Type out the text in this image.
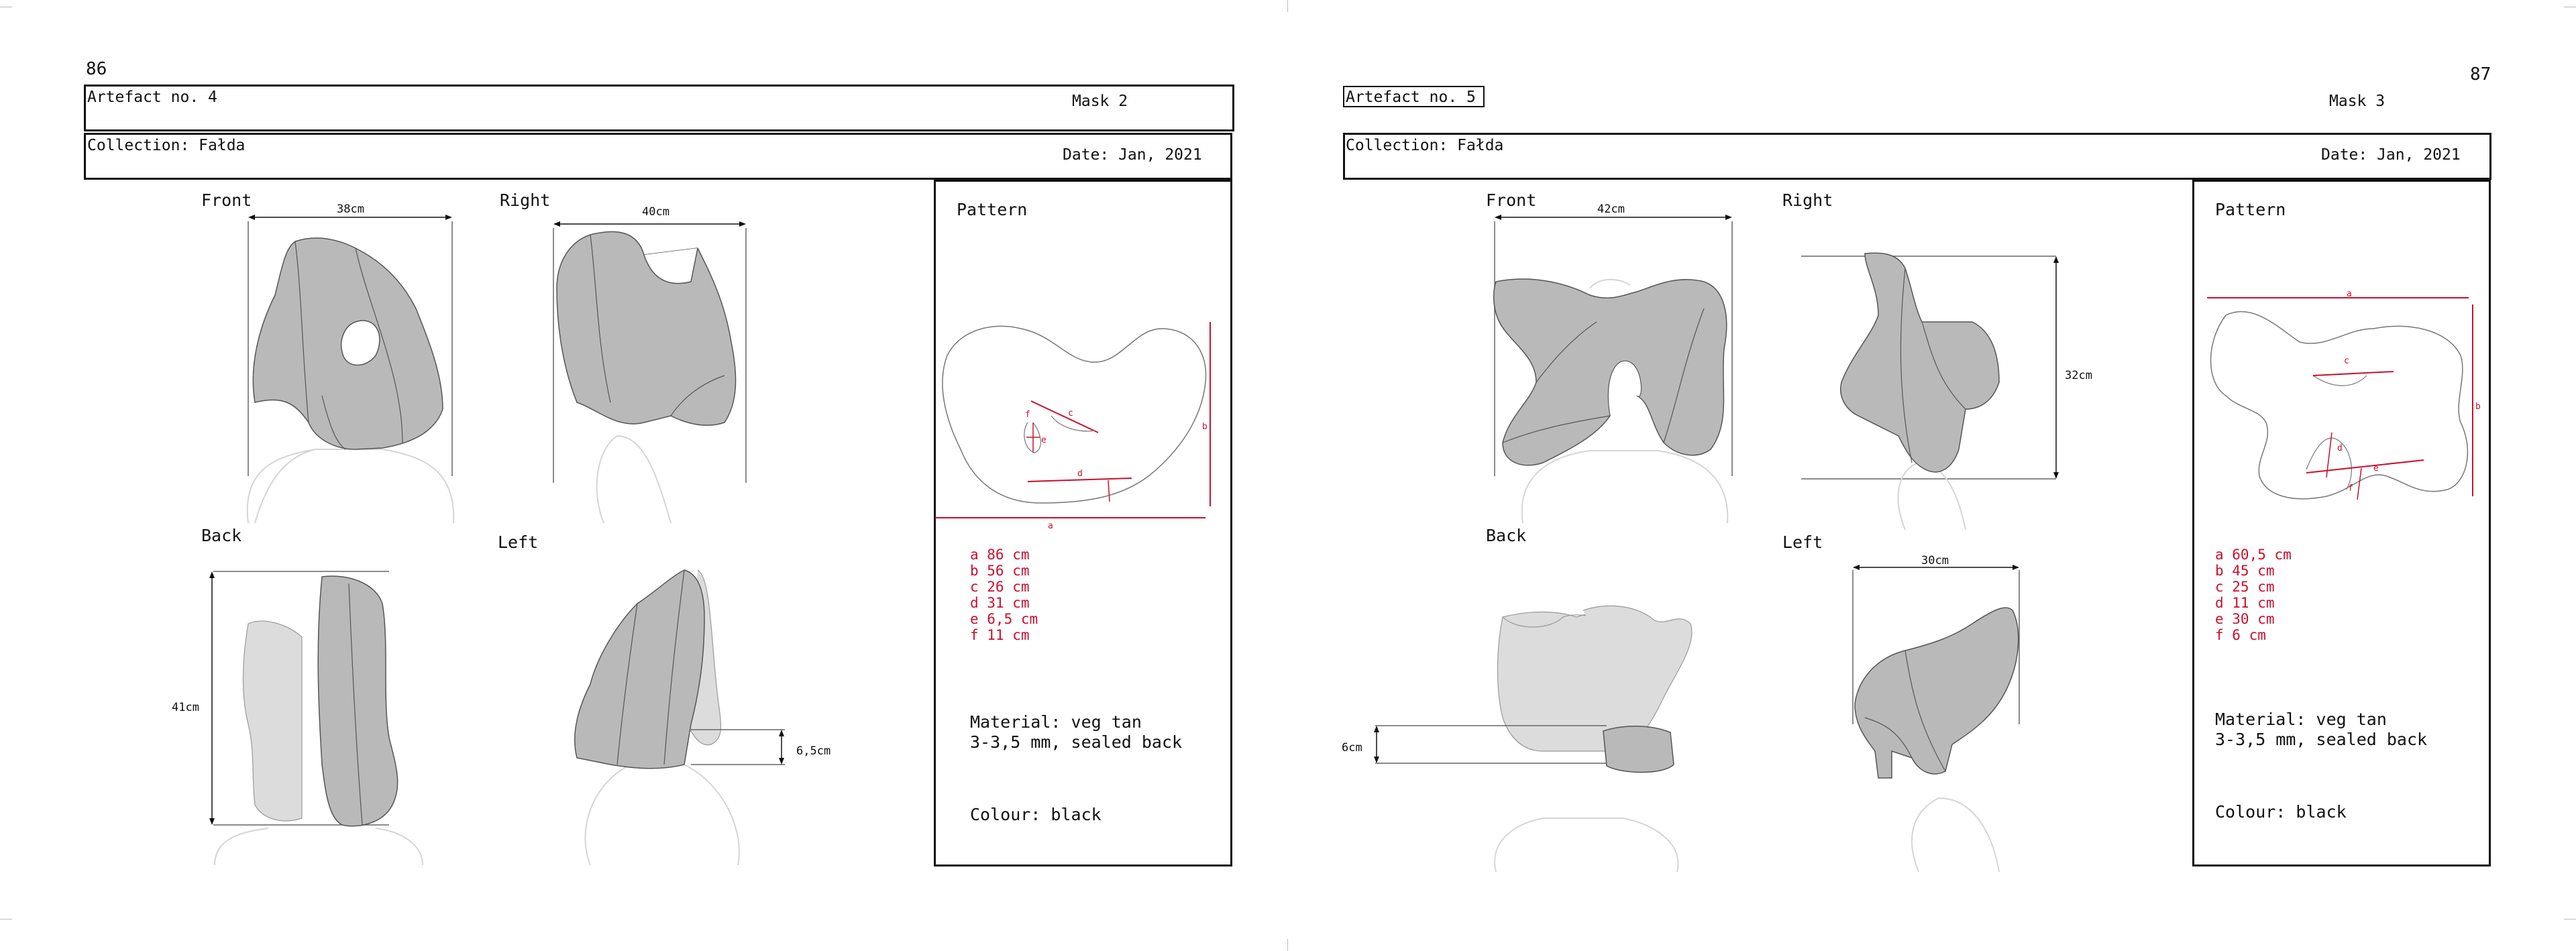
86
Artefact no. 4	Mask 2
Collection: Fałda
Date: Jan, 2021
Front	Right
Back	Left
38cm	40cm
41cm
6,5cm
Pattern
a
b
c
d
e
f
a 86 cm
b 56 cm
c 26 cm
d 31 cm
e 6,5 cm
f 11 cm
Material: veg tan
3-3,5 mm, sealed back
Colour: black
87
Artefact no. 5	Mask 3
Collection: Fałda
Date: Jan, 2021
Front	Right
Back	Left
42cm
32cm
6cm
30cm
Pattern
a
b
c
d
e
f
a 60,5 cm
b 45 cm
c 25 cm
d 11 cm
e 30 cm
f 6 cm
Material: veg tan
3-3,5 mm, sealed back
Colour: black
